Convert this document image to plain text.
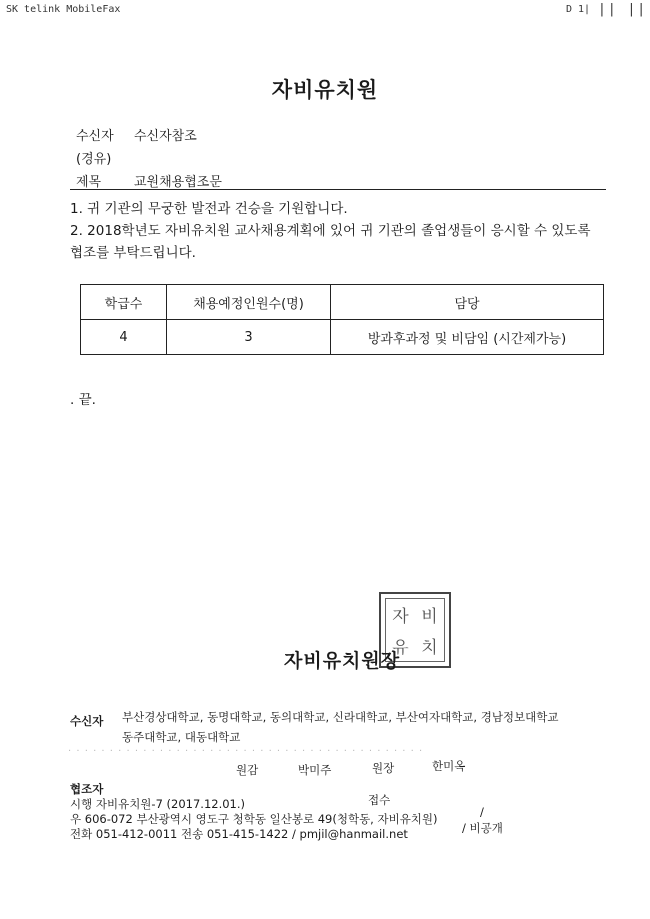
SK telink MobileFax	D 1| || ||
자비유치원
수신자 수신자참조
(경유)
제목	교원채용협조문
1. 귀 기관의 무궁한 발전과 건승을 기원합니다.
2. 2018학년도 자비유치원 교사채용계획에 있어 귀 기관의 졸업생들이 응시할 수 있도록
협조를 부탁드립니다.
학급수	채용예정인원수(명)	담당
4	3	방과후과정 및 비담임 (시간제가능)
. 끝.
자 비
유 치
자비유치원장
수신자 부산경상대학교, 동명대학교, 동의대학교, 신라대학교, 부산여자대학교, 경남정보대학교
동주대학교, 대동대학교
· · · · · · · · · · · · · · · · · · · · · · · · · · · · · · · · · · · · · · · · · · ·
원감	박미주	원장	한미옥
협조자
시행 자비유치원-7 (2017.12.01.)	접수
우 606-072 부산광역시 영도구 청학동 일산봉로 49(청학동, 자비유치원)	/
전화 051-412-0011 전송 051-415-1422 / pmjil@hanmail.net	/ 비공개
